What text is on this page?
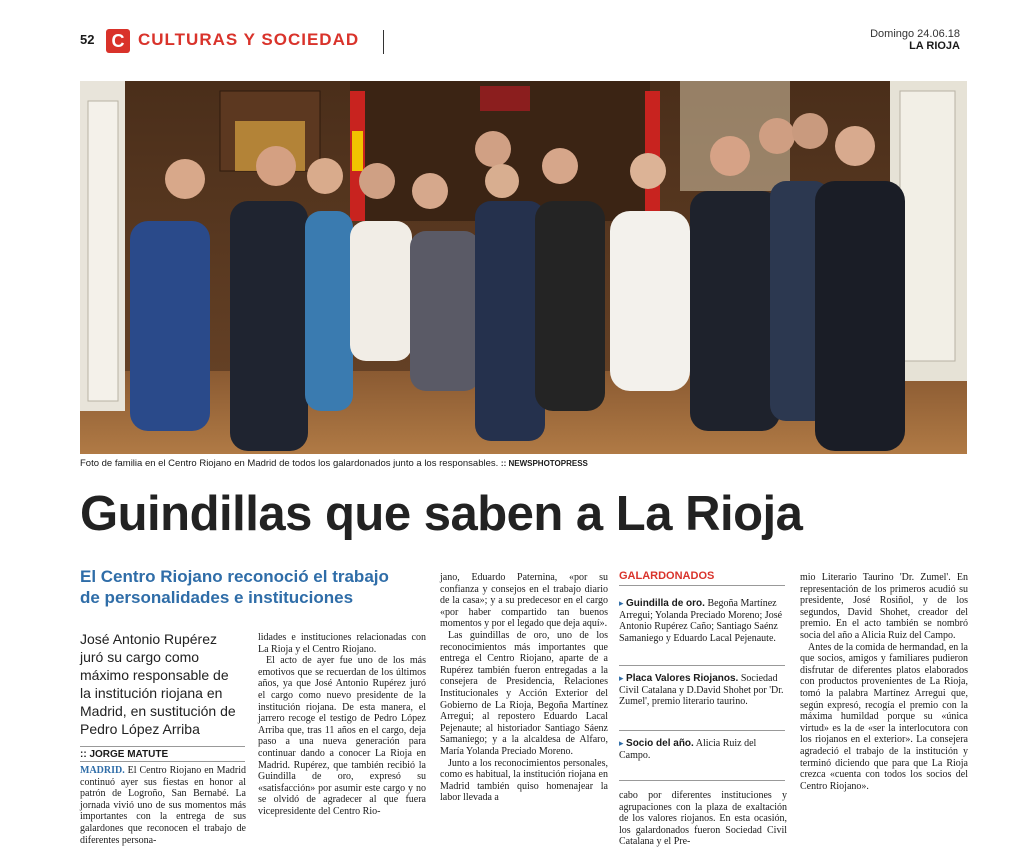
52 C CULTURAS Y SOCIEDAD	Domingo 24.06.18
LA RIOJA
Foto de familia en el Centro Riojano en Madrid de todos los galardonados junto a los responsables. :: NEWSPHOTOPRESS
Guindillas que saben a La Rioja
El Centro Riojano reconoció el trabajo de personalidades e instituciones
José Antonio Rupérez juró su cargo como máximo responsable de la institución riojana en Madrid, en sustitución de Pedro López Arriba
:: JORGE MATUTE

MADRID. El Centro Riojano en Madrid continuó ayer sus fiestas en honor al patrón de Logroño, San Bernabé. La jornada vivió uno de sus momentos más importantes con la entrega de sus galardones que reconocen el trabajo de diferentes persona-

lidades e instituciones relacionadas con La Rioja y el Centro Riojano.

El acto de ayer fue uno de los más emotivos que se recuerdan de los últimos años, ya que José Antonio Rupérez juró el cargo como nuevo presidente de la institución riojana. De esta manera, el jarrero recoge el testigo de Pedro López Arriba que, tras 11 años en el cargo, deja paso a una nueva generación para continuar dando a conocer La Rioja en Madrid. Rupérez, que también recibió la Guindilla de oro, expresó su «satisfacción» por asumir este cargo y no se olvidó de agradecer al que fuera vicepresidente del Centro Rio-

jano, Eduardo Paternina, «por su confianza y consejos en el trabajo diario de la casa»; y a su predecesor en el cargo «por haber compartido tan buenos momentos y por el legado que deja aquí».

Las guindillas de oro, uno de los reconocimientos más importantes que entrega el Centro Riojano, aparte de a Rupérez también fueron entregadas a la consejera de Presidencia, Relaciones Institucionales y Acción Exterior del Gobierno de La Rioja, Begoña Martínez Arregui; al repostero Eduardo Lacal Pejenaute; al historiador Santiago Sáenz Samaniego; y a la alcaldesa de Alfaro, María Yolanda Preciado Moreno.

Junto a los reconocimientos personales, como es habitual, la institución riojana en Madrid también quiso homenajear la labor llevada a

GALARDONADOS
▸ Guindilla de oro. Begoña Martínez Arregui; Yolanda Preciado Moreno; José Antonio Rupérez Caño; Santiago Saénz Samaniego y Eduardo Lacal Pejenaute.
▸ Placa Valores Riojanos. Sociedad Civil Catalana y D.David Shohet por 'Dr. Zumel', premio literario taurino.
▸ Socio del año. Alicia Ruiz del Campo.

cabo por diferentes instituciones y agrupaciones con la plaza de exaltación de los valores riojanos. En esta ocasión, los galardonados fueron Sociedad Civil Catalana y el Pre-

mio Literario Taurino 'Dr. Zumel'. En representación de los primeros acudió su presidente, José Rosiñol, y de los segundos, David Shohet, creador del premio. En el acto también se nombró socia del año a Alicia Ruiz del Campo.

Antes de la comida de hermandad, en la que socios, amigos y familiares pudieron disfrutar de diferentes platos elaborados con productos provenientes de La Rioja, tomó la palabra Martínez Arregui que, según expresó, recogía el premio con la máxima humildad porque su «única virtud» es la de «ser la interlocutora con los riojanos en el exterior». La consejera agradeció el trabajo de la institución y terminó diciendo que para que La Rioja crezca «cuenta con todos los socios del Centro Riojano».
